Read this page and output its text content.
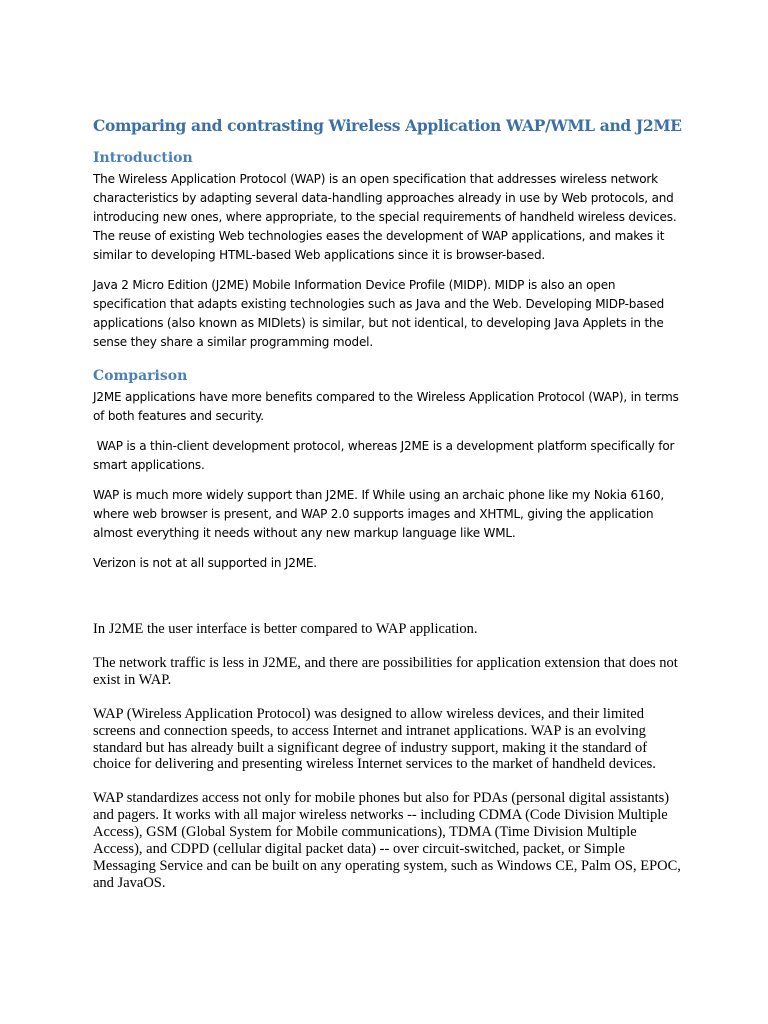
Comparing and contrasting Wireless Application WAP/WML and J2ME
Introduction

The Wireless Application Protocol (WAP) is an open specification that addresses wireless network characteristics by adapting several data-handling approaches already in use by Web protocols, and introducing new ones, where appropriate, to the special requirements of handheld wireless devices. The reuse of existing Web technologies eases the development of WAP applications, and makes it similar to developing HTML-based Web applications since it is browser-based.

Java 2 Micro Edition (J2ME) Mobile Information Device Profile (MIDP). MIDP is also an open specification that adapts existing technologies such as Java and the Web. Developing MIDP-based applications (also known as MIDlets) is similar, but not identical, to developing Java Applets in the sense they share a similar programming model.

Comparison

J2ME applications have more benefits compared to the Wireless Application Protocol (WAP), in terms of both features and security.

WAP is a thin-client development protocol, whereas J2ME is a development platform specifically for smart applications.

WAP is much more widely support than J2ME. If While using an archaic phone like my Nokia 6160, where web browser is present, and WAP 2.0 supports images and XHTML, giving the application almost everything it needs without any new markup language like WML.

Verizon is not at all supported in J2ME.

In J2ME the user interface is better compared to WAP application.

The network traffic is less in J2ME, and there are possibilities for application extension that does not exist in WAP.

WAP (Wireless Application Protocol) was designed to allow wireless devices, and their limited screens and connection speeds, to access Internet and intranet applications. WAP is an evolving standard but has already built a significant degree of industry support, making it the standard of choice for delivering and presenting wireless Internet services to the market of handheld devices.

WAP standardizes access not only for mobile phones but also for PDAs (personal digital assistants) and pagers. It works with all major wireless networks -- including CDMA (Code Division Multiple Access), GSM (Global System for Mobile communications), TDMA (Time Division Multiple Access), and CDPD (cellular digital packet data) -- over circuit-switched, packet, or Simple Messaging Service and can be built on any operating system, such as Windows CE, Palm OS, EPOC, and JavaOS.
